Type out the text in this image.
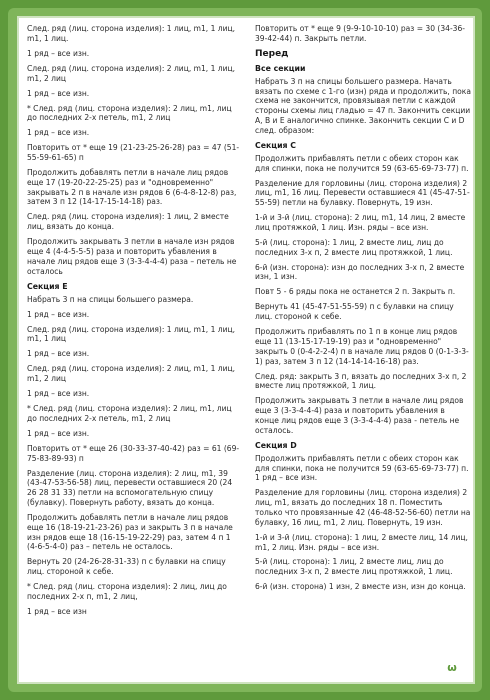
След. ряд (лиц. сторона изделия): 1 лиц, m1, 1 лиц, m1, 1 лиц.

1 ряд – все изн.

След. ряд (лиц. сторона изделия): 2 лиц, m1, 1 лиц, m1, 2 лиц

1 ряд – все изн.

* След. ряд (лиц. сторона изделия): 2 лиц, m1, лиц до последних 2-х петель, m1, 2 лиц

1 ряд – все изн.

Повторить от * еще 19 (21-23-25-26-28) раз = 47 (51-55-59-61-65) п

Продолжить добавлять петли в начале лиц рядов еще 17 (19-20-22-25-25) раз и "одновременно" закрывать 2 п в начале изн рядов 6 (6-4-8-12-8) раз, затем 3 п 12 (14-17-15-14-18) раз.

След. ряд (лиц. сторона изделия): 1 лиц, 2 вместе лиц, вязать до конца.

Продолжить закрывать 3 петли в начале изн рядов еще 4 (4-4-5-5-5) раза и повторить убавления в начале лиц рядов еще 3 (3-3-4-4-4) раза – петель не осталось

Секция E

Набрать 3 п на спицы большего размера.

1 ряд – все изн.

След. ряд (лиц. сторона изделия): 1 лиц, m1, 1 лиц, m1, 1 лиц

1 ряд – все изн.

След. ряд (лиц. сторона изделия): 2 лиц, m1, 1 лиц, m1, 2 лиц

1 ряд – все изн.

* След. ряд (лиц. сторона изделия): 2 лиц, m1, лиц до последних 2-х петель, m1, 2 лиц

1 ряд – все изн.

Повторить от * еще 26 (30-33-37-40-42) раз = 61 (69-75-83-89-93) п

Разделение (лиц. сторона изделия): 2 лиц, m1, 39 (43-47-53-56-58) лиц, перевести оставшиеся 20 (24 26 28 31 33) петли на вспомогательную спицу (булавку). Повернуть работу, вязать до конца.

Продолжить добавлять петли в начале лиц рядов еще 16 (18-19-21-23-26) раз и закрыть 3 п в начале изн рядов еще 18 (16-15-19-22-29) раз, затем 4 п 1 (4-6-5-4-0) раз – петель не осталось.

Вернуть 20 (24-26-28-31-33) п с булавки на спицу лиц. стороной к себе.

* След. ряд (лиц. сторона изделия): 2 лиц, лиц до последних 2-х п, m1, 2 лиц,

1 ряд – все изн

Повторить от * еще 9 (9-9-10-10-10) раз = 30 (34-36-39-42-44) п. Закрыть петли.

Перед
Все секции

Набрать 3 п на спицы большего размера. Начать вязать по схеме с 1-го (изн) ряда и продолжить, пока схема не закончится, провязывая петли с каждой стороны схемы лиц гладью = 47 п. Закончить секции А, В и Е аналогично спинке. Закончить секции С и D след. образом:

Секция С

Продолжить прибавлять петли с обеих сторон как для спинки, пока не получится 59 (63-65-69-73-77) п.

Разделение для горловины (лиц. сторона изделия) 2 лиц, m1, 16 лиц. Перевести оставшиеся 41 (45-47-51-55-59) петли на булавку. Повернуть, 19 изн.

1-й и 3-й (лиц. сторона): 2 лиц, m1, 14 лиц, 2 вместе лиц протяжкой, 1 лиц. Изн. ряды – все изн.

5-й (лиц. сторона): 1 лиц, 2 вместе лиц, лиц до последних 3-х п, 2 вместе лиц протяжкой, 1 лиц.

6-й (изн. сторона): изн до последних 3-х п, 2 вместе изн, 1 изн.

Повт 5 - 6 ряды пока не останется 2 п. Закрыть п.

Вернуть 41 (45-47-51-55-59) п с булавки на спицу лиц. стороной к себе.

Продолжить прибавлять по 1 п в конце лиц рядов еще 11 (13-15-17-19-19) раз и "одновременно" закрыть 0 (0-4-2-2-4) п в начале лиц рядов 0 (0-1-3-3-1) раз, затем 3 п 12 (14-14-14-16-18) раз.

След. ряд: закрыть 3 п, вязать до последних 3-х п, 2 вместе лиц протяжкой, 1 лиц.

Продолжить закрывать 3 петли в начале лиц рядов еще 3 (3-3-4-4-4) раза и повторить убавления в конце лиц рядов еще 3 (3-3-4-4-4) раза - петель не осталось.

Секция D

Продолжить прибавлять петли с обеих сторон как для спинки, пока не получится 59 (63-65-69-73-77) п. 1 ряд – все изн.

Разделение для горловины (лиц. сторона изделия) 2 лиц, m1, вязать до последних 18 п. Поместить только что провязанные 42 (46-48-52-56-60) петли на булавку, 16 лиц, m1, 2 лиц. Повернуть, 19 изн.

1-й и 3-й (лиц. сторона): 1 лиц, 2 вместе лиц, 14 лиц, m1, 2 лиц. Изн. ряды – все изн.

5-й (лиц. сторона): 1 лиц, 2 вместе лиц, лиц до последних 3-х п, 2 вместе лиц протяжкой, 1 лиц.

6-й (изн. сторона) 1 изн, 2 вместе изн, изн до конца.

ω
